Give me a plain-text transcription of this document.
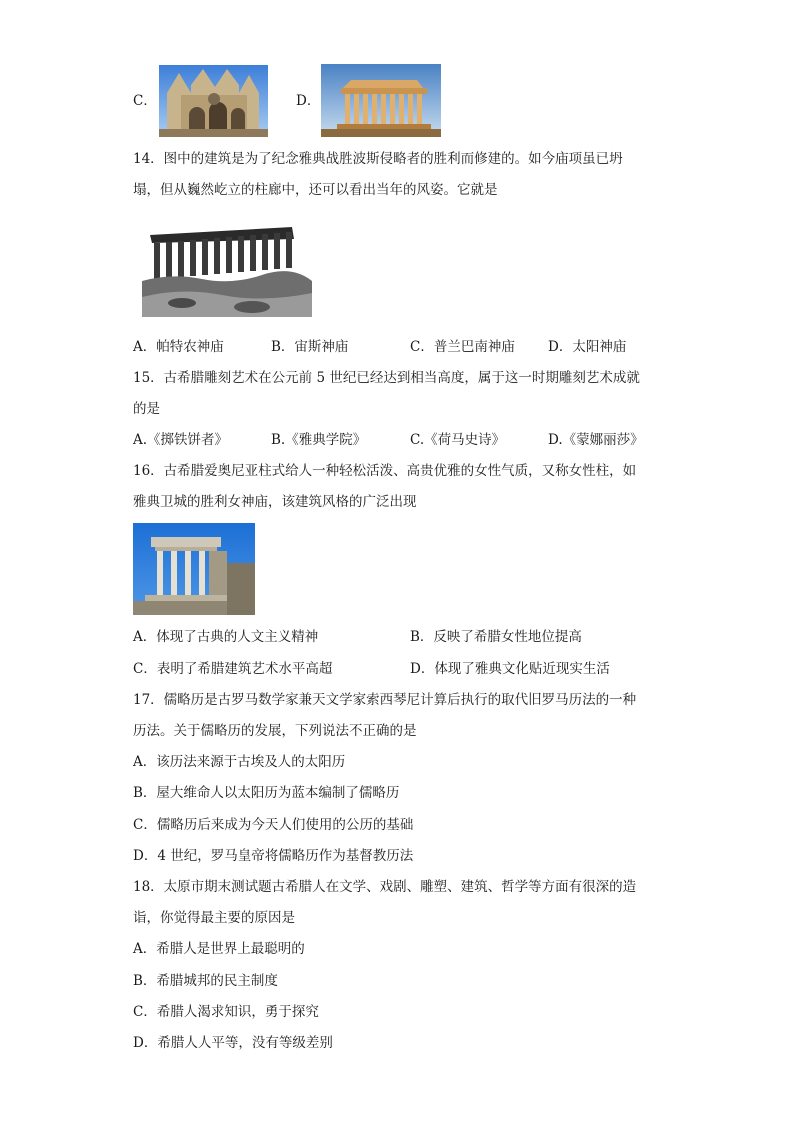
C．	D．
14．图中的建筑是为了纪念雅典战胜波斯侵略者的胜利而修建的。如今庙项虽已坍
塌，但从巍然屹立的柱廊中，还可以看出当年的风姿。它就是
A．帕特农神庙	B．宙斯神庙	C．普兰巴南神庙 D．太阳神庙
15．古希腊雕刻艺术在公元前 5 世纪已经达到相当高度，属于这一时期雕刻艺术成就
的是
A.《掷铁饼者》	B.《雅典学院》	C.《荷马史诗》	D.《蒙娜丽莎》
16．古希腊爱奥尼亚柱式给人一种轻松活泼、高贵优雅的女性气质，又称女性柱，如
雅典卫城的胜利女神庙，该建筑风格的广泛出现
A．体现了古典的人文主义精神	B．反映了希腊女性地位提高
C．表明了希腊建筑艺术水平高超	D．体现了雅典文化贴近现实生活
17．儒略历是古罗马数学家兼天文学家索西琴尼计算后执行的取代旧罗马历法的一种
历法。关于儒略历的发展，下列说法不正确的是
A．该历法来源于古埃及人的太阳历
B．屋大维命人以太阳历为蓝本编制了儒略历
C．儒略历后来成为今天人们使用的公历的基础
D．4 世纪，罗马皇帝将儒略历作为基督教历法
18．太原市期末测试题古希腊人在文学、戏剧、雕塑、建筑、哲学等方面有很深的造
诣，你觉得最主要的原因是
A．希腊人是世界上最聪明的
B．希腊城邦的民主制度
C．希腊人渴求知识，勇于探究
D．希腊人人平等，没有等级差别
